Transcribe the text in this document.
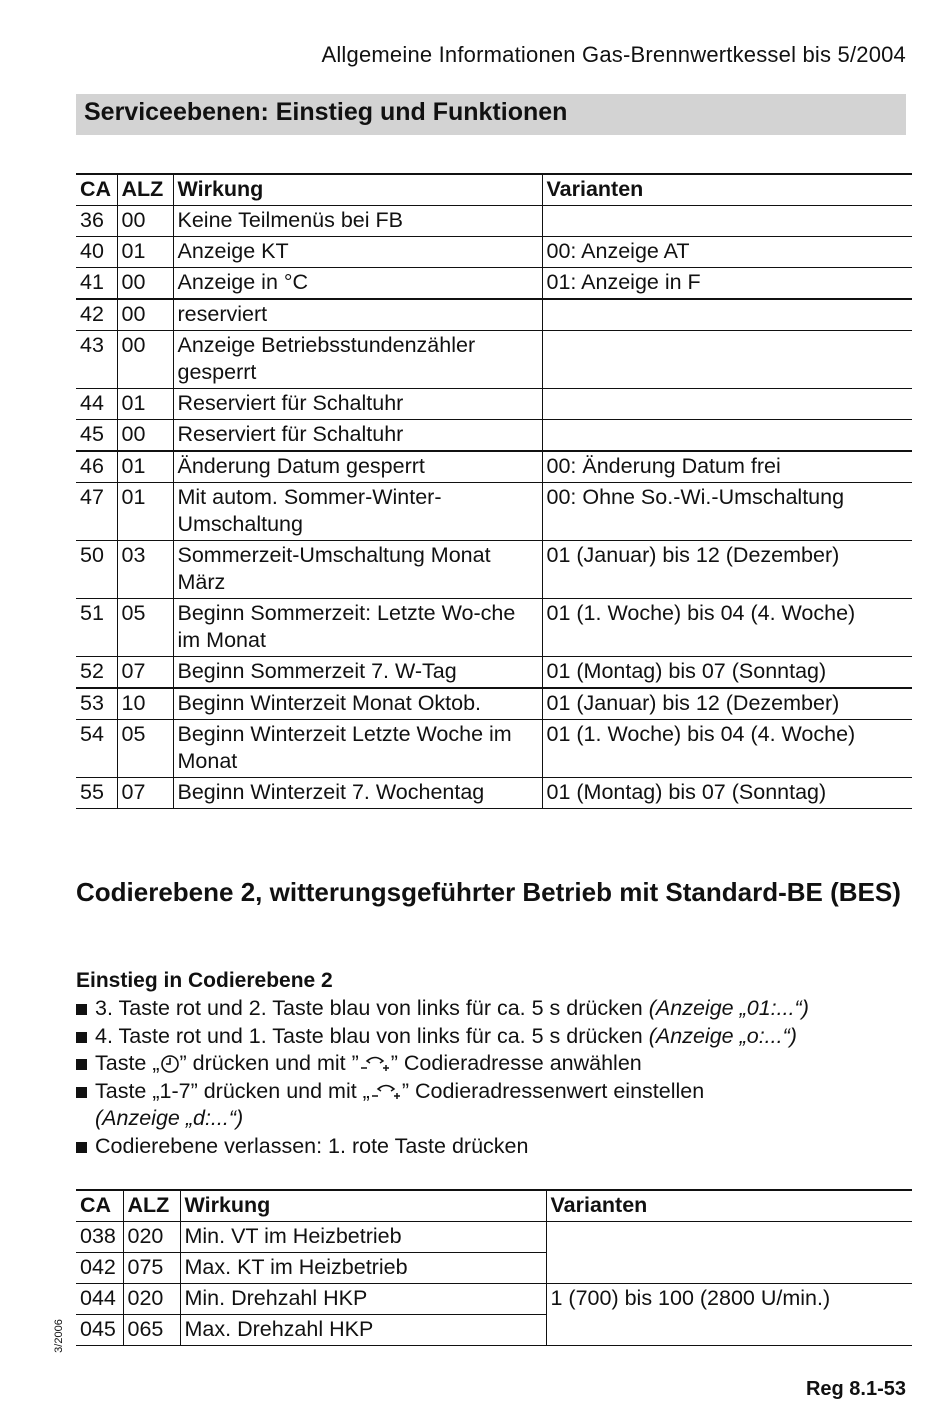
Allgemeine Informationen Gas-Brennwertkessel bis 5/2004
Serviceebenen: Einstieg und Funktionen
CA	ALZ	Wirkung	Varianten
36	00	Keine Teilmenüs bei FB	
40	01	Anzeige KT	00: Anzeige AT
41	00	Anzeige in °C	01: Anzeige in F
42	00	reserviert	
43	00	Anzeige Betriebsstundenzähler gesperrt	
44	01	Reserviert für Schaltuhr	
45	00	Reserviert für Schaltuhr	
46	01	Änderung Datum gesperrt	00: Änderung Datum frei
47	01	Mit autom. Sommer-Winter-Umschaltung	00: Ohne So.-Wi.-Umschaltung
50	03	Sommerzeit-Umschaltung Monat März	01 (Januar) bis 12 (Dezember)
51	05	Beginn Sommerzeit: Letzte Wo-che im Monat	01 (1. Woche) bis 04 (4. Woche)
52	07	Beginn Sommerzeit 7. W-Tag	01 (Montag) bis 07 (Sonntag)
53	10	Beginn Winterzeit Monat Oktob.	01 (Januar) bis 12 (Dezember)
54	05	Beginn Winterzeit Letzte Woche im Monat	01 (1. Woche) bis 04 (4. Woche)
55	07	Beginn Winterzeit 7. Wochentag	01 (Montag) bis 07 (Sonntag)
Codierebene 2, witterungsgeführter Betrieb mit Standard-BE (BES)
Einstieg in Codierebene 2
3. Taste rot und 2. Taste blau von links für ca. 5 s drücken (Anzeige „01:...“)
4. Taste rot und 1. Taste blau von links für ca. 5 s drücken (Anzeige „o:...“)
Taste „ ” drücken und mit ” ” Codieradresse anwählen
Taste „1-7” drücken und mit „ ” Codieradressenwert einstellen
(Anzeige „d:...“)
Codierebene verlassen: 1. rote Taste drücken
CA	ALZ	Wirkung	Varianten
038	020	Min. VT im Heizbetrieb	
042	075	Max. KT im Heizbetrieb	
044	020	Min. Drehzahl HKP	1 (700) bis 100 (2800 U/min.)
045	065	Max. Drehzahl HKP	
3/2006
Reg 8.1-53
